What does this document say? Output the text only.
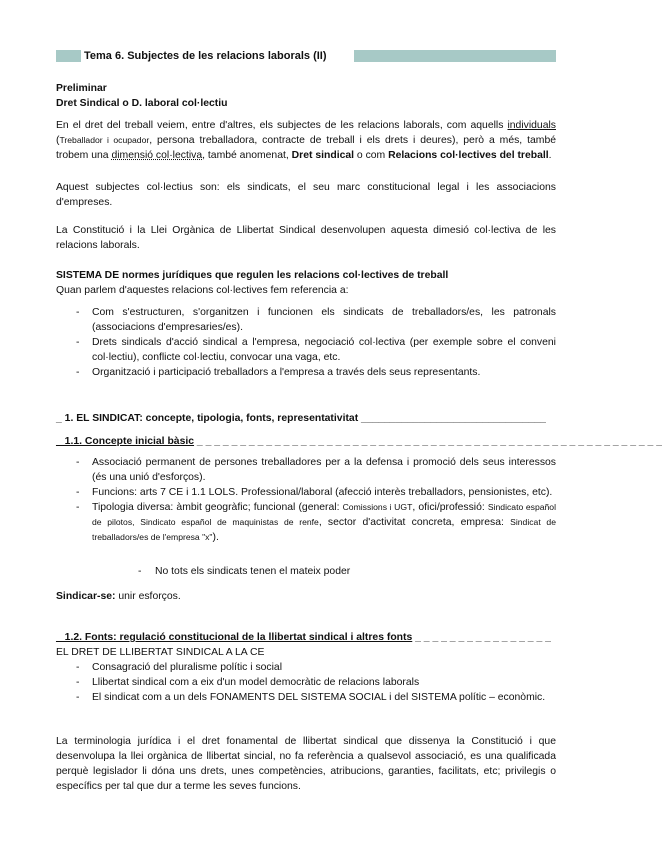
Tema 6. Subjectes de les relacions laborals (II)
Preliminar
Dret Sindical o D. laboral col·lectiu
En el dret del treball veiem, entre d'altres, els subjectes de les relacions laborals, com aquells individuals (Treballador i ocupador, persona treballadora, contracte de treball i els drets i deures), però a més, també trobem una dimensió col·lectiva, també anomenat, Dret sindical o com Relacions col·lectives del treball.
Aquest subjectes col·lectius son: els sindicats, el seu marc constitucional legal i les associacions d'empreses.
La Constitució i la Llei Orgànica de Llibertat Sindical desenvolupen aquesta dimesió col·lectiva de les relacions laborals.
SISTEMA DE normes jurídiques que regulen les relacions col·lectives de treball
Quan parlem d'aquestes relacions col·lectives fem referencia a:
- Com s'estructuren, s'organitzen i funcionen els sindicats de treballadors/es, les patronals (associacions d'empresaries/es).
- Drets sindicals d'acció sindical a l'empresa, negociació col·lectiva (per exemple sobre el conveni col·lectiu), conflicte col·lectiu, convocar una vaga, etc.
- Organització i participació treballadors a l'empresa a través dels seus representants.
_ 1. EL SINDICAT: concepte, tipologia, fonts, representativitat ________________________________
_ 1.1. Concepte inicial bàsic _ _ _ _ _ _ _ _ _ _ _ _ _ _ _ _ _ _ _ _ _ _ _ _ _ _ _ _ _ _ _ _ _ _ _ _ _ _ _ _ _ _ _ _ _ _ _ _ _ _ _ _ _ _
- Associació permanent de persones treballadores per a la defensa i promoció dels seus interessos (és una unió d'esforços).
- Funcions: arts 7 CE i 1.1 LOLS. Professional/laboral (afecció interès treballadors, pensionistes, etc).
- Tipologia diversa: àmbit geogràfic; funcional (general: Comissions i UGT, ofici/professió: Sindicato español de pilotos, Sindicato español de maquinistas de renfe, sector d'activitat concreta, empresa: Sindicat de treballadors/es de l'empresa "x").
- No tots els sindicats tenen el mateix poder
Sindicar-se: unir esforços.
_ 1.2. Fonts: regulació constitucional de la llibertat sindical i altres fonts _ _ _ _ _ _ _ _ _ _ _ _ _ _ _ _
EL DRET DE LLIBERTAT SINDICAL A LA CE
- Consagració del pluralisme polític i social
- Llibertat sindical com a eix d'un model democràtic de relacions laborals
- El sindicat com a un dels FONAMENTS DEL SISTEMA SOCIAL i del SISTEMA polític – econòmic.
La terminologia jurídica i el dret fonamental de llibertat sindical que dissenya la Constitució i que desenvolupa la llei orgànica de llibertat sincial, no fa referència a qualsevol associació, es una qualificada perquè legislador li dóna uns drets, unes competències, atribucions, garanties, facilitats, etc; privilegis o específics per tal que dur a terme les seves funcions.
